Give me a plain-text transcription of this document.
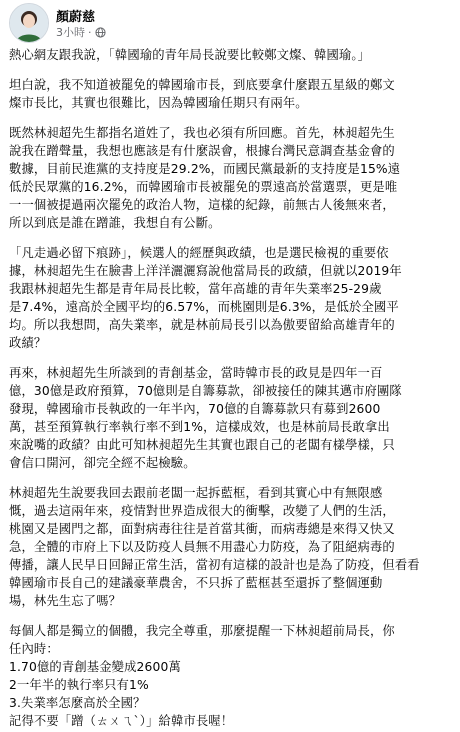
顏蔚慈
3小時 ·
熱心網友跟我說，「韓國瑜的青年局長說要比較鄭文燦、韓國瑜。」
坦白說，我不知道被罷免的韓國瑜市長，到底要拿什麼跟五星級的鄭文
燦市長比，其實也很難比，因為韓國瑜任期只有兩年。
既然林昶超先生都指名道姓了，我也必須有所回應。首先，林昶超先生
說我在蹭聲量，我想也應該是有什麼誤會，根據台灣民意調查基金會的
數據，目前民進黨的支持度是29.2%，而國民黨最新的支持度是15%遠
低於民眾黨的16.2%，而韓國瑜市長被罷免的票遠高於當選票，更是唯
一一個被提過兩次罷免的政治人物，這樣的紀錄，前無古人後無來者，
所以到底是誰在蹭誰，我想自有公斷。
「凡走過必留下痕跡」，候選人的經歷與政績，也是選民檢視的重要依
據，林昶超先生在臉書上洋洋灑灑寫說他當局長的政績，但就以2019年
我跟林昶超先生都是青年局長比較，當年高雄的青年失業率25-29歲
是7.4%，遠高於全國平均的6.57%，而桃園則是6.3%，是低於全國平
均。所以我想問，高失業率，就是林前局長引以為傲要留給高雄青年的
政績？
再來，林昶超先生所談到的青創基金，當時韓市長的政見是四年一百
億，30億是政府預算，70億則是自籌募款，卻被接任的陳其邁市府團隊
發現，韓國瑜市長執政的一年半內，70億的自籌募款只有募到2600
萬，甚至預算執行率執行率不到1%，這樣成效，也是林前局長敢拿出
來說嘴的政績？由此可知林昶超先生其實也跟自己的老闆有樣學樣，只
會信口開河，卻完全經不起檢驗。
林昶超先生說要我回去跟前老闆一起拆藍框，看到其實心中有無限感
慨，過去這兩年來，疫情對世界造成很大的衝擊，改變了人們的生活，
桃園又是國門之都，面對病毒往往是首當其衝，而病毒總是來得又快又
急，全體的市府上下以及防疫人員無不用盡心力防疫，為了阻絕病毒的
傳播，讓人民早日回歸正常生活，當初有這樣的設計也是為了防疫，但看看
韓國瑜市長自己的建議豪華農舍，不只拆了藍框甚至還拆了整個運動
場，林先生忘了嗎？
每個人都是獨立的個體，我完全尊重，那麼提醒一下林昶超前局長，你
任內時：
1.70億的青創基金變成2600萬
2一年半的執行率只有1%
3.失業率怎麼高於全國？
記得不要「蹭（ㄊㄨㄟˋ）」給韓市長喔！
